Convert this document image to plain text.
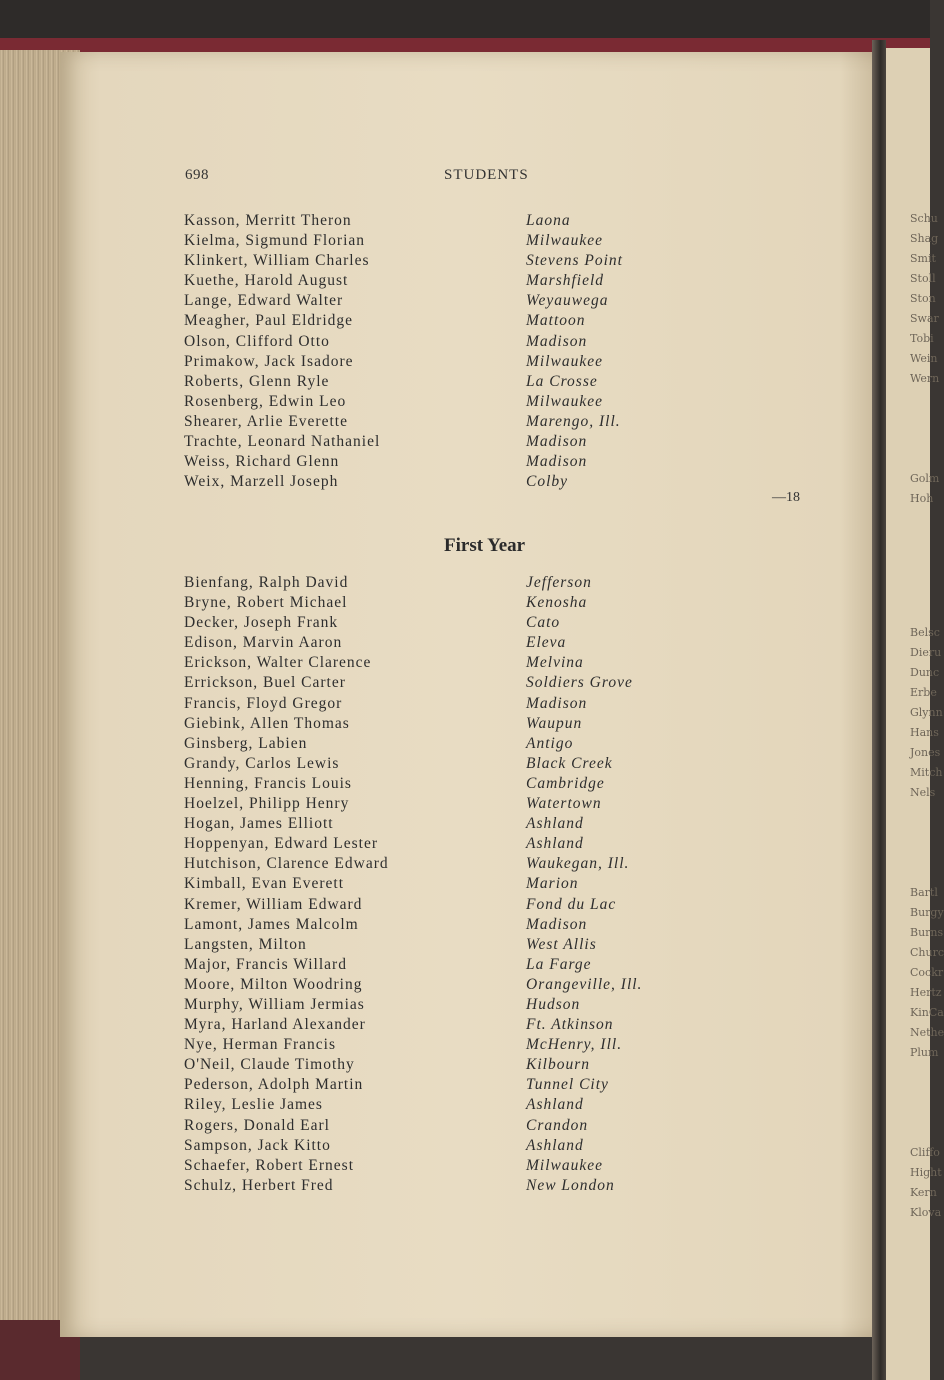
698	STUDENTS
Kasson, Merritt Theron	Laona
Kielma, Sigmund Florian	Milwaukee
Klinkert, William Charles	Stevens Point
Kuethe, Harold August	Marshfield
Lange, Edward Walter	Weyauwega
Meagher, Paul Eldridge	Mattoon
Olson, Clifford Otto	Madison
Primakow, Jack Isadore	Milwaukee
Roberts, Glenn Ryle	La Crosse
Rosenberg, Edwin Leo	Milwaukee
Shearer, Arlie Everette	Marengo, Ill.
Trachte, Leonard Nathaniel	Madison
Weiss, Richard Glenn	Madison
Weix, Marzell Joseph	Colby
—18
First Year
Bienfang, Ralph David	Jefferson
Bryne, Robert Michael	Kenosha
Decker, Joseph Frank	Cato
Edison, Marvin Aaron	Eleva
Erickson, Walter Clarence	Melvina
Errickson, Buel Carter	Soldiers Grove
Francis, Floyd Gregor	Madison
Giebink, Allen Thomas	Waupun
Ginsberg, Labien	Antigo
Grandy, Carlos Lewis	Black Creek
Henning, Francis Louis	Cambridge
Hoelzel, Philipp Henry	Watertown
Hogan, James Elliott	Ashland
Hoppenyan, Edward Lester	Ashland
Hutchison, Clarence Edward	Waukegan, Ill.
Kimball, Evan Everett	Marion
Kremer, William Edward	Fond du Lac
Lamont, James Malcolm	Madison
Langsten, Milton	West Allis
Major, Francis Willard	La Farge
Moore, Milton Woodring	Orangeville, Ill.
Murphy, William Jermias	Hudson
Myra, Harland Alexander	Ft. Atkinson
Nye, Herman Francis	McHenry, Ill.
O'Neil, Claude Timothy	Kilbourn
Pederson, Adolph Martin	Tunnel City
Riley, Leslie James	Ashland
Rogers, Donald Earl	Crandon
Sampson, Jack Kitto	Ashland
Schaefer, Robert Ernest	Milwaukee
Schulz, Herbert Fred	New London
Schu
Shag
Smit
Stoll
Ston
Swar
Tobi
Wein
Wern
Golm
Hoh
Belsc
Dieru
Dunc
Erbe
Glynn
Hans
Jones
Mitch
Nels
Bartl
Burgy
Burns
Churc
Cockr
Hertz
KinCa
Nethe
Plum
Cliffo
Hight
Kern
Klova
